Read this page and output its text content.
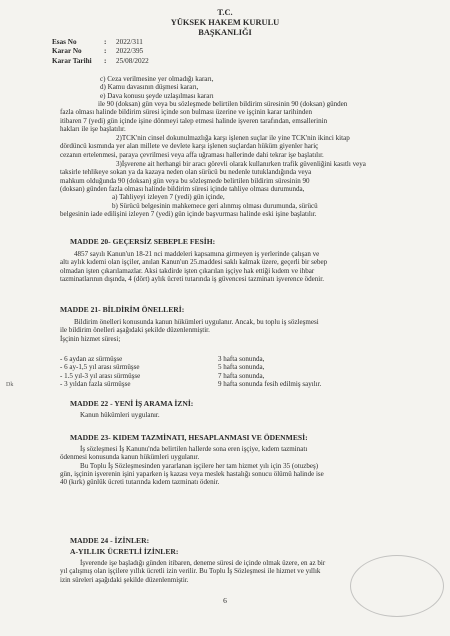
T.C.
YÜKSEK HAKEM KURULU
BAŞKANLIĞI
Esas No	:	2022/311
Karar No	:	2022/395
Karar Tarihi	:	25/08/2022
c) Ceza verilmesine yer olmadığı kararı,
d) Kamu davasının düşmesi kararı,
e) Dava konusu şeyde uzlaşılması kararı
ile 90 (doksan) gün veya bu sözleşmede belirtilen bildirim süresinin 90 (doksan) günden
fazla olması halinde bildirim süresi içinde son bulması üzerine ve işçinin karar tarihinden
itibaren 7 (yedi) gün içinde işine dönmeyi talep etmesi halinde işveren tarafından, emsallerinin
hakları ile işe başlatılır.
2)TCK'nin cinsel dokunulmazlığa karşı işlenen suçlar ile yine TCK'nin ikinci kitap
dördüncü kısmında yer alan millete ve devlete karşı işlenen suçlardan hüküm giyenler hariç
cezanın ertelenmesi, paraya çevrilmesi veya affa uğraması hallerinde dahi tekrar işe başlatılır.
3)İşverene ait herhangi bir aracı görevli olarak kullanırken trafik güvenliğini kasıtlı veya
taksirle tehlikeye sokan ya da kazaya neden olan sürücü bu nedenle tutuklandığında veya
mahkum olduğunda 90 (doksan) gün veya bu sözleşmede belirtilen bildirim süresinin 90
(doksan) günden fazla olması halinde bildirim süresi içinde tahliye olması durumunda,
a) Tahliyeyi izleyen 7 (yedi) gün içinde,
b) Sürücü belgesinin mahkemece geri alınmış olması durumunda, sürücü
belgesinin iade edilişini izleyen 7 (yedi) gün içinde başvurması halinde eski işine başlatılır.
Dk
MADDE 20- GEÇERSİZ SEBEPLE FESİH:
4857 sayılı Kanun'un 18-21 nci maddeleri kapsamına girmeyen iş yerlerinde çalışan ve
altı aylık kıdemi olan işçiler, anılan Kanun'un 25.maddesi saklı kalmak üzere, geçerli bir sebep
olmadan işten çıkarılamazlar. Aksi takdirde işten çıkarılan işçiye hak ettiği kıdem ve ihbar
tazminatlarının dışında, 4 (dört) aylık ücreti tutarında iş güvencesi tazminatı işverence ödenir.
MADDE 21- BİLDİRİM ÖNELLERİ:
Bildirim önelleri konusunda kanun hükümleri uygulanır. Ancak, bu toplu iş sözleşmesi
ile bildirim önelleri aşağıdaki şekilde düzenlenmiştir.
İşçinin hizmet süresi;
- 6 aydan az sürmüşse	3 hafta sonunda,
- 6 ay-1,5 yıl arası sürmüşse	5 hafta sonunda,
- 1.5 yıl-3 yıl arası sürmüşse	7 hafta sonunda,
- 3 yıldan fazla sürmüşse	9 hafta sonunda fesih edilmiş sayılır.
MADDE 22 - YENİ İŞ ARAMA İZNİ:
Kanun hükümleri uygulanır.
MADDE 23- KIDEM TAZMİNATI, HESAPLANMASI VE ÖDENMESİ:
İş sözleşmesi İş Kanunu'nda belirtilen hallerde sona eren işçiye, kıdem tazminatı
ödenmesi konusunda kanun hükümleri uygulanır.
Bu Toplu İş Sözleşmesinden yararlanan işçilere her tam hizmet yılı için 35 (otuzbeş)
gün, işçinin işverenin işini yaparken iş kazası veya meslek hastalığı sonucu ölümü halinde ise
40 (kırk) günlük ücreti tutarında kıdem tazminatı ödenir.
MADDE 24 - İZİNLER:
A-YILLIK ÜCRETLİ İZİNLER:
İşverende işe başladığı günden itibaren, deneme süresi de içinde olmak üzere, en az bir
yıl çalışmış olan işçilere yıllık ücretli izin verilir. Bu Toplu İş Sözleşmesi ile hizmet ve yıllık
izin süreleri aşağıdaki şekilde düzenlenmiştir.
6
